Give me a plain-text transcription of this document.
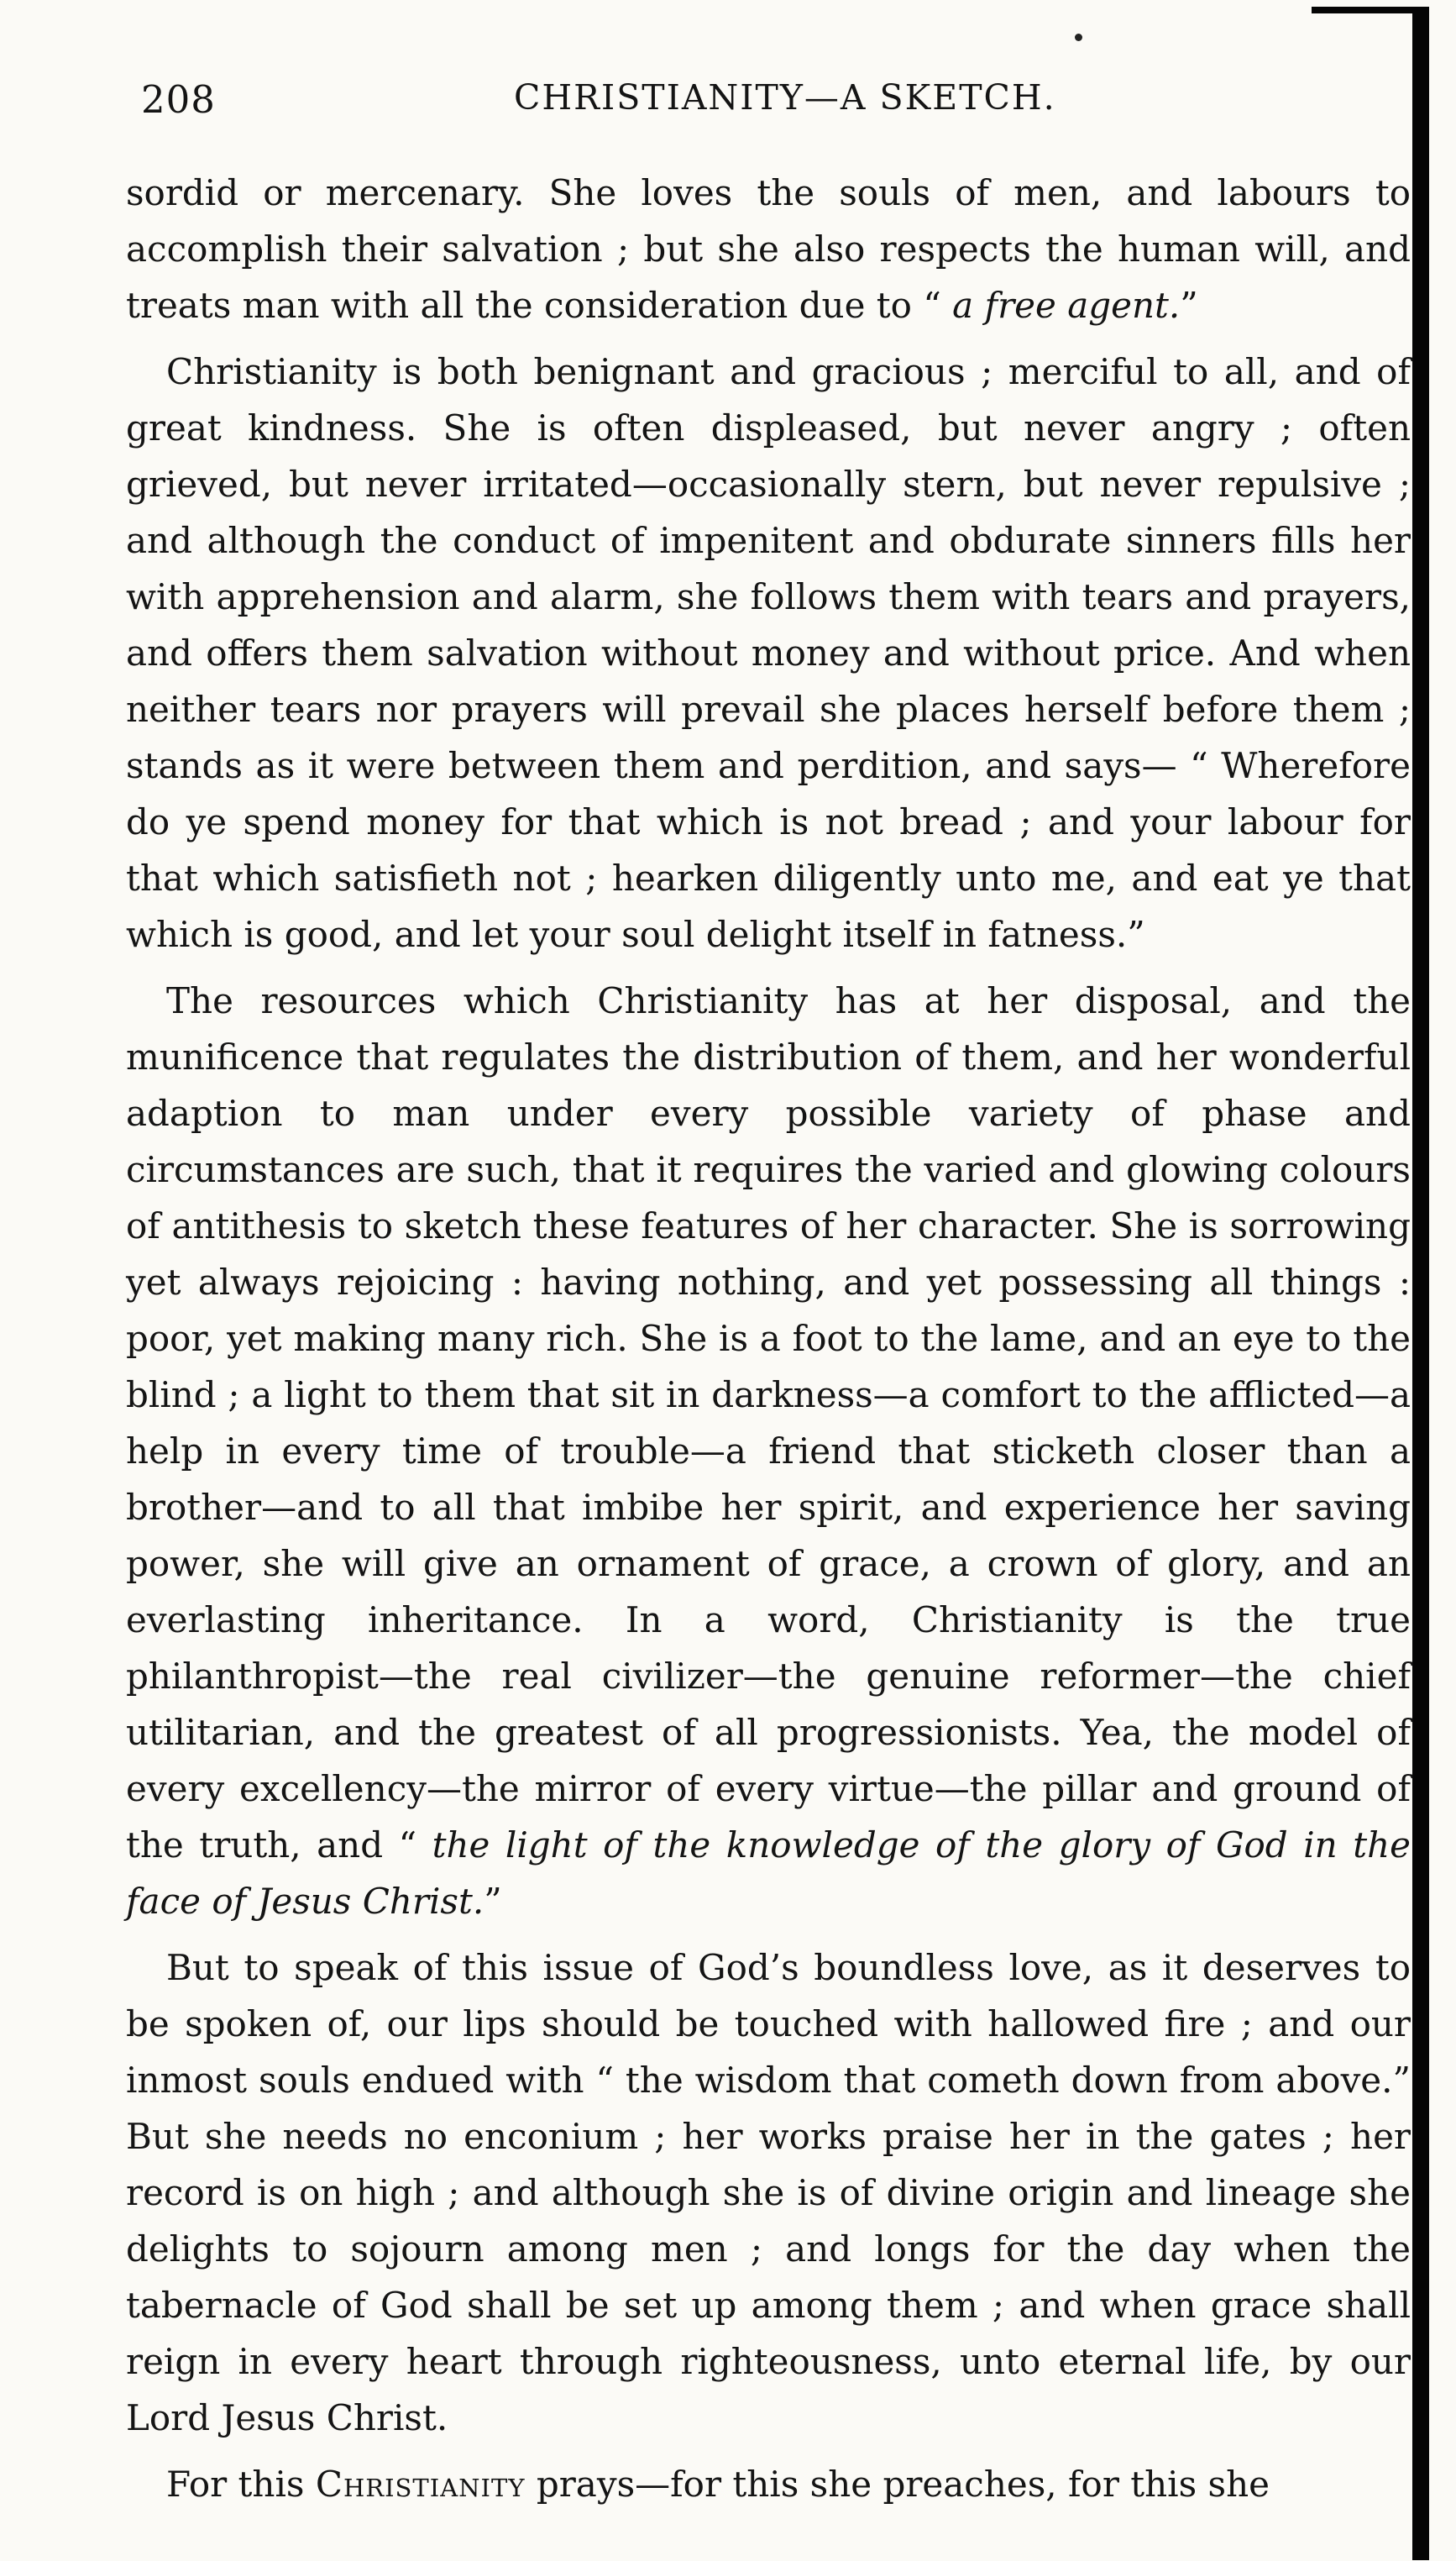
208	CHRISTIANITY—A SKETCH.

sordid or mercenary. She loves the souls of men, and labours to accomplish their salvation ; but she also respects the human will, and treats man with all the consideration due to “ a free agent.”

Christianity is both benignant and gracious ; merciful to all, and of great kindness. She is often displeased, but never angry ; often grieved, but never irritated—occasionally stern, but never repulsive ; and although the conduct of impenitent and obdurate sinners fills her with apprehension and alarm, she follows them with tears and prayers, and offers them salvation without money and without price. And when neither tears nor prayers will prevail she places herself before them ; stands as it were between them and perdition, and says— “ Wherefore do ye spend money for that which is not bread ; and your labour for that which satisfieth not ; hearken diligently unto me, and eat ye that which is good, and let your soul delight itself in fatness.”

The resources which Christianity has at her disposal, and the munificence that regulates the distribution of them, and her wonderful adaption to man under every possible variety of phase and circumstances are such, that it requires the varied and glowing colours of antithesis to sketch these features of her character. She is sorrowing yet always rejoicing : having nothing, and yet possessing all things : poor, yet making many rich. She is a foot to the lame, and an eye to the blind ; a light to them that sit in darkness—a comfort to the afflicted—a help in every time of trouble—a friend that sticketh closer than a brother—and to all that imbibe her spirit, and experience her saving power, she will give an ornament of grace, a crown of glory, and an everlasting inheritance. In a word, Christianity is the true philanthropist—the real civilizer—the genuine reformer—the chief utilitarian, and the greatest of all progressionists. Yea, the model of every excellency—the mirror of every virtue—the pillar and ground of the truth, and “ the light of the knowledge of the glory of God in the face of Jesus Christ.”

But to speak of this issue of God’s boundless love, as it deserves to be spoken of, our lips should be touched with hallowed fire ; and our inmost souls endued with “ the wisdom that cometh down from above.” But she needs no enconium ; her works praise her in the gates ; her record is on high ; and although she is of divine origin and lineage she delights to sojourn among men ; and longs for the day when the tabernacle of God shall be set up among them ; and when grace shall reign in every heart through righteousness, unto eternal life, by our Lord Jesus Christ.

For this Christianity prays—for this she preaches, for this she
